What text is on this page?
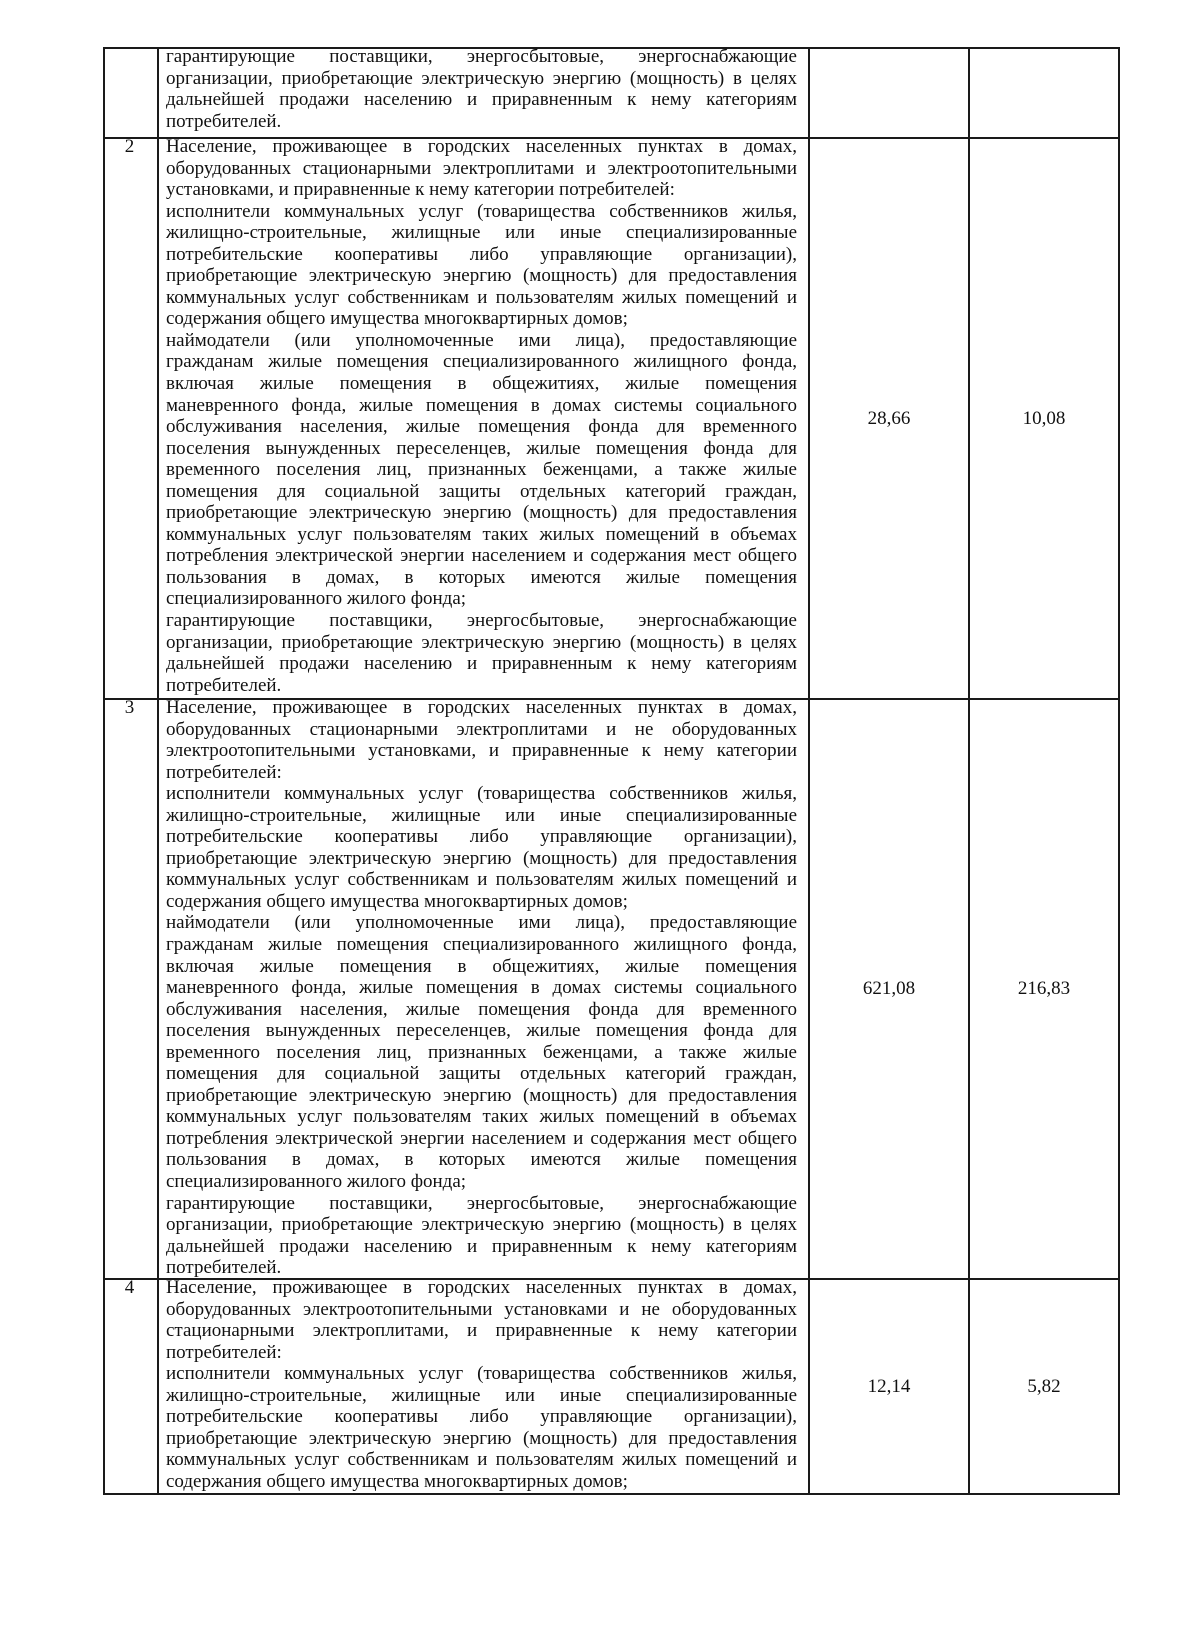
гарантирующие поставщики, энергосбытовые, энергоснабжающие
организации, приобретающие электрическую энергию (мощность) в целях
дальнейшей продажи населению и приравненным к нему категориям
потребителей.
2	Население, проживающее в городских населенных пунктах в домах,
оборудованных стационарными электроплитами и электроотопительными
установками, и приравненные к нему категории потребителей:
исполнители коммунальных услуг (товарищества собственников жилья,
жилищно-строительные, жилищные или иные специализированные
потребительские кооперативы либо управляющие организации),
приобретающие электрическую энергию (мощность) для предоставления
коммунальных услуг собственникам и пользователям жилых помещений и
содержания общего имущества многоквартирных домов;
наймодатели (или уполномоченные ими лица), предоставляющие
гражданам жилые помещения специализированного жилищного фонда,
включая жилые помещения в общежитиях, жилые помещения
маневренного фонда, жилые помещения в домах системы социального
обслуживания населения, жилые помещения фонда для временного
поселения вынужденных переселенцев, жилые помещения фонда для
временного поселения лиц, признанных беженцами, а также жилые
помещения для социальной защиты отдельных категорий граждан,
приобретающие электрическую энергию (мощность) для предоставления
коммунальных услуг пользователям таких жилых помещений в объемах
потребления электрической энергии населением и содержания мест общего
пользования в домах, в которых имеются жилые помещения
специализированного жилого фонда;
гарантирующие поставщики, энергосбытовые, энергоснабжающие
организации, приобретающие электрическую энергию (мощность) в целях
дальнейшей продажи населению и приравненным к нему категориям
потребителей.
28,66	10,08
3	Население, проживающее в городских населенных пунктах в домах,
оборудованных стационарными электроплитами и не оборудованных
электроотопительными установками, и приравненные к нему категории
потребителей:
исполнители коммунальных услуг (товарищества собственников жилья,
жилищно-строительные, жилищные или иные специализированные
потребительские кооперативы либо управляющие организации),
приобретающие электрическую энергию (мощность) для предоставления
коммунальных услуг собственникам и пользователям жилых помещений и
содержания общего имущества многоквартирных домов;
наймодатели (или уполномоченные ими лица), предоставляющие
гражданам жилые помещения специализированного жилищного фонда,
включая жилые помещения в общежитиях, жилые помещения
маневренного фонда, жилые помещения в домах системы социального
обслуживания населения, жилые помещения фонда для временного
поселения вынужденных переселенцев, жилые помещения фонда для
временного поселения лиц, признанных беженцами, а также жилые
помещения для социальной защиты отдельных категорий граждан,
приобретающие электрическую энергию (мощность) для предоставления
коммунальных услуг пользователям таких жилых помещений в объемах
потребления электрической энергии населением и содержания мест общего
пользования в домах, в которых имеются жилые помещения
специализированного жилого фонда;
гарантирующие поставщики, энергосбытовые, энергоснабжающие
организации, приобретающие электрическую энергию (мощность) в целях
дальнейшей продажи населению и приравненным к нему категориям
потребителей.
621,08	216,83
4	Население, проживающее в городских населенных пунктах в домах,
оборудованных электроотопительными установками и не оборудованных
стационарными электроплитами, и приравненные к нему категории
потребителей:
исполнители коммунальных услуг (товарищества собственников жилья,
жилищно-строительные, жилищные или иные специализированные
потребительские кооперативы либо управляющие организации),
приобретающие электрическую энергию (мощность) для предоставления
коммунальных услуг собственникам и пользователям жилых помещений и
содержания общего имущества многоквартирных домов;
12,14	5,82
